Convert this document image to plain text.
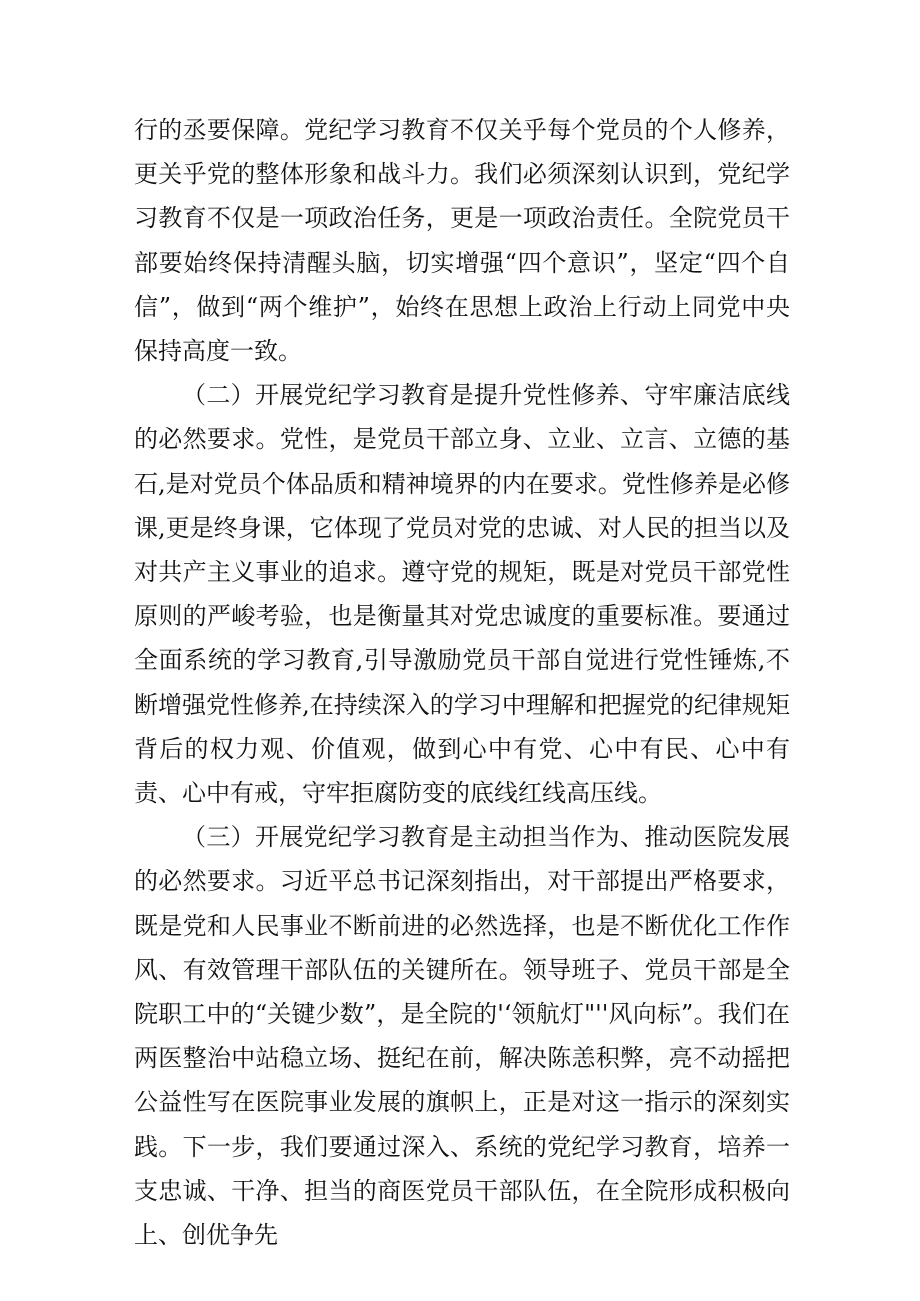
行的丞要保障。党纪学习教育不仅关乎每个党员的个人修养，更关乎党的整体形象和战斗力。我们必须深刻认识到，党纪学习教育不仅是一项政治任务，更是一项政治责任。全院党员干部要始终保持清醒头脑，切实增强“四个意识”，坚定“四个自信”，做到“两个维护”，始终在思想上政治上行动上同党中央保持高度一致。

（二）开展党纪学习教育是提升党性修养、守牢廉洁底线的必然要求。党性，是党员干部立身、立业、立言、立德的基石,是对党员个体品质和精神境界的内在要求。党性修养是必修课,更是终身课，它体现了党员对党的忠诚、对人民的担当以及对共产主义事业的追求。遵守党的规矩，既是对党员干部党性原则的严峻考验，也是衡量其对党忠诚度的重要标准。要通过全面系统的学习教育,引导激励党员干部自觉进行党性锤炼,不断增强党性修养,在持续深入的学习中理解和把握党的纪律规矩背后的权力观、价值观，做到心中有党、心中有民、心中有责、心中有戒，守牢拒腐防变的底线红线高压线。

（三）开展党纪学习教育是主动担当作为、推动医院发展的必然要求。习近平总书记深刻指出，对干部提出严格要求，既是党和人民事业不断前进的必然选择，也是不断优化工作作风、有效管理干部队伍的关键所在。领导班子、党员干部是全院职工中的“关键少数”，是全院的'‘领航灯"''风向标”。我们在两医整治中站稳立场、挺纪在前，解决陈恙积弊，亮不动摇把公益性写在医院事业发展的旗帜上，正是对这一指示的深刻实践。下一步，我们要通过深入、系统的党纪学习教育，培养一支忠诚、干净、担当的商医党员干部队伍，在全院形成积极向上、创优争先
